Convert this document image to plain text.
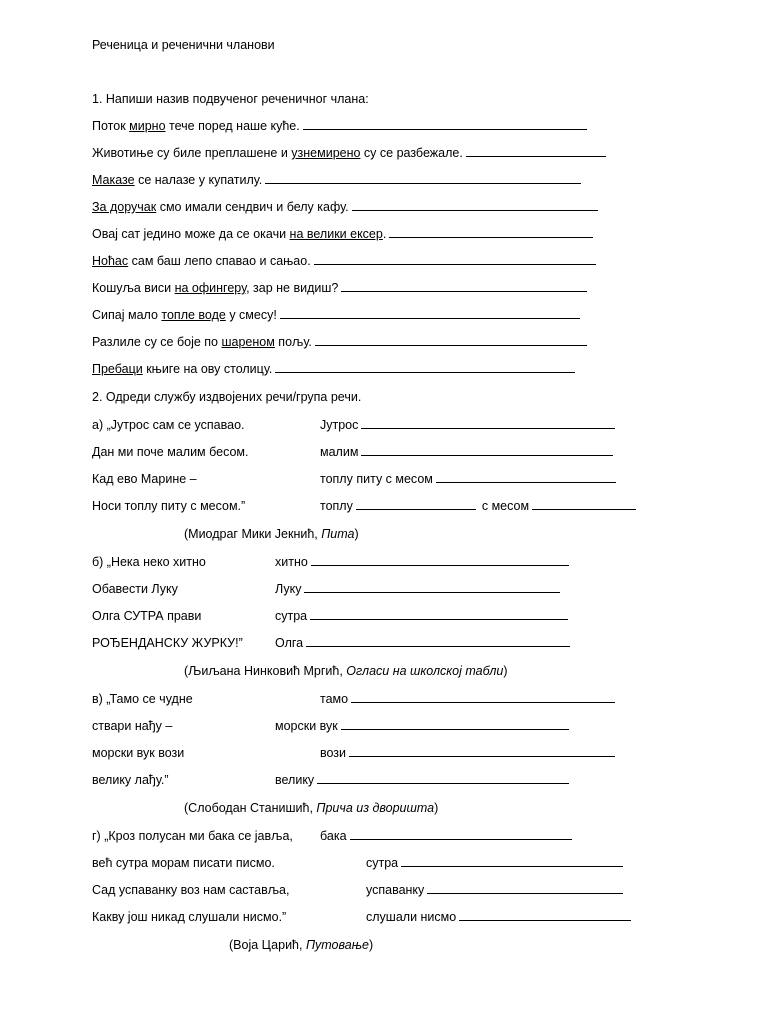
Реченица и реченични чланови
1. Напиши назив подвученог реченичног члана:
Поток мирно тече поред наше куће.
Животиње су биле преплашене и узнемирено су се разбежале.
Маказе се налазе у купатилу.
За доручак смо имали сендвич и белу кафу.
Овај сат једино може да се окачи на велики ексер.
Ноћас сам баш лепо спавао и сањао.
Кошуља виси на офингеру, зар не видиш?
Сипај мало топле воде у смесу!
Разлиле су се боје по шареном пољу.
Пребаци књиге на ову столицу.
2. Одреди службу издвојених речи/група речи.
а) „Јутрос сам се успавао.
Дан ми поче малим бесом.
Кад ево Марине –
Носи топлу питу с месом.”
Јутрос
малим
топлу питу с месом
топлу	с месом
(Миодраг Мики Јекнић, Пита)
б) „Нека неко хитно
Обавести Луку
Олга СУТРА прави
РОЂЕНДАНСКУ ЖУРКУ!”
хитно
Луку
сутра
Олга
(Љиљана Нинковић Мргић, Огласи на школској табли)
в) „Тамо се чудне
ствари нађу –
морски вук вози
велику лађу.”
тамо
морски вук
вози
велику
(Слободан Станишић, Прича из дворишта)
г) „Кроз полусан ми бака се јавља,
већ сутра морам писати писмо.
Сад успаванку воз нам саставља,
Какву још никад слушали нисмо.”
бака
сутра
успаванку
слушали нисмо
(Воја Царић, Путовање)
